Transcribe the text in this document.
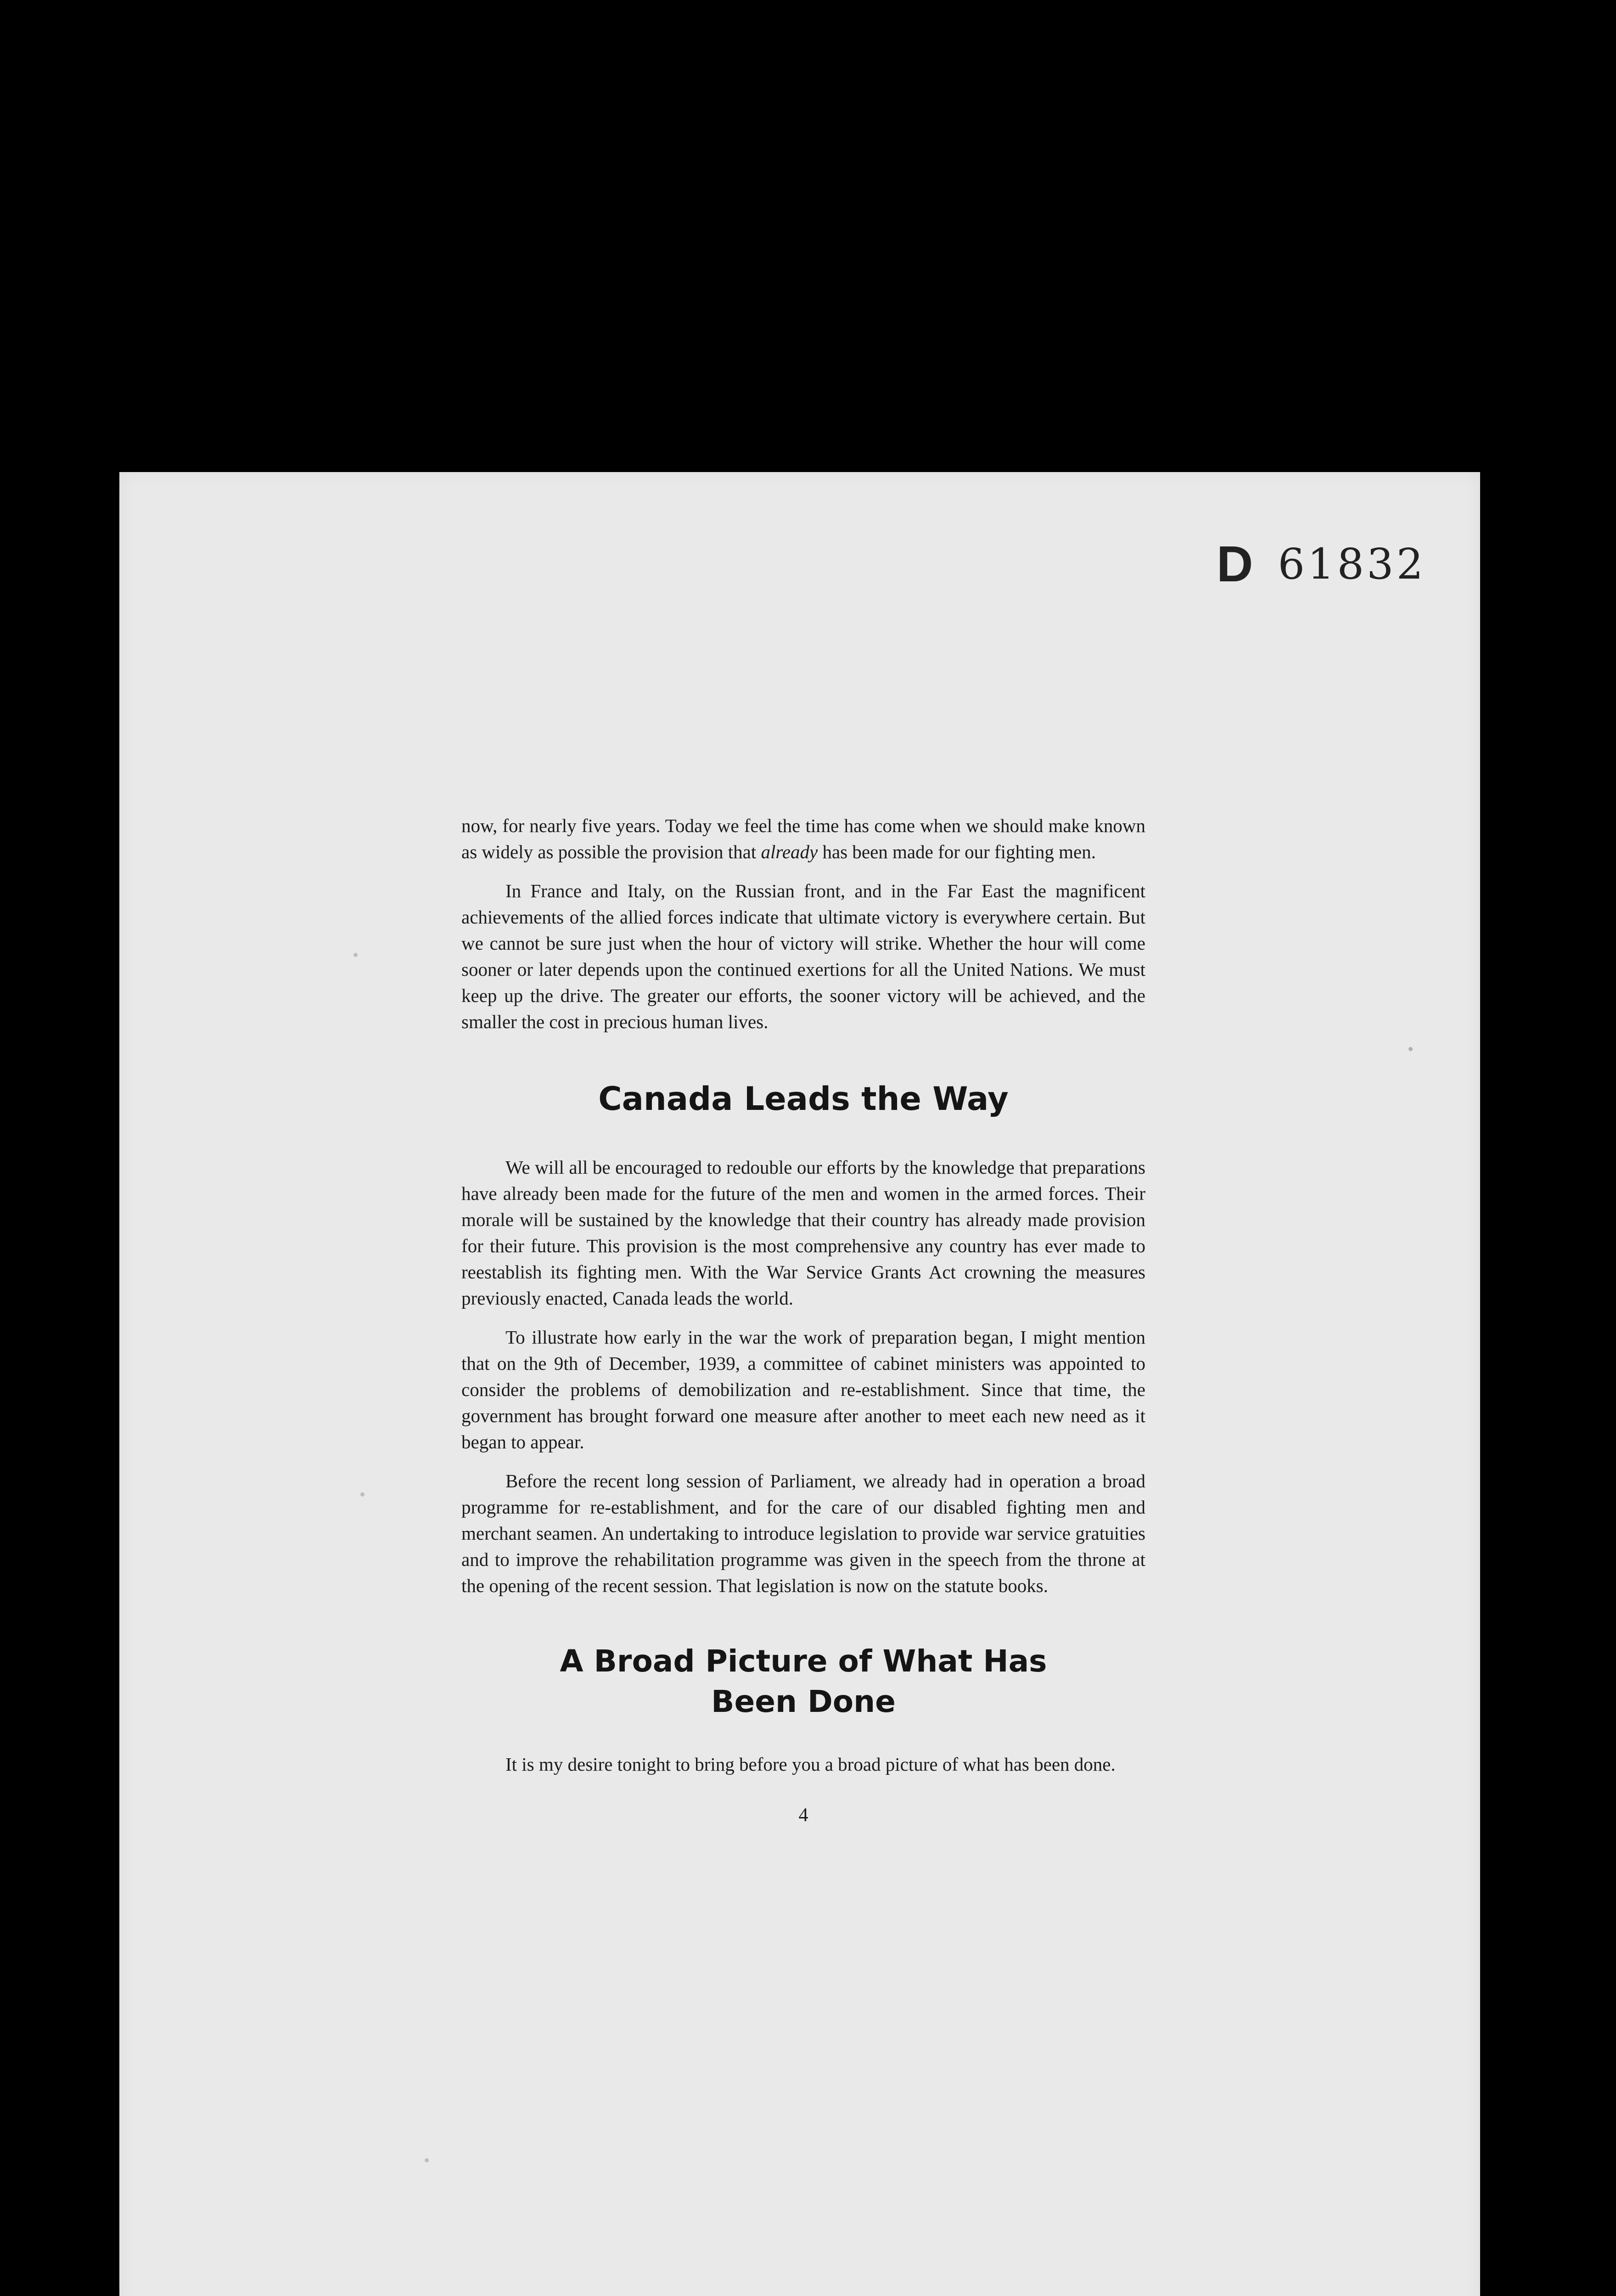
D 61832

now, for nearly five years. Today we feel the time has come when we should make known as widely as possible the provision that already has been made for our fighting men.

In France and Italy, on the Russian front, and in the Far East the magnificent achievements of the allied forces indicate that ultimate victory is everywhere certain. But we cannot be sure just when the hour of victory will strike. Whether the hour will come sooner or later depends upon the continued exertions for all the United Nations. We must keep up the drive. The greater our efforts, the sooner victory will be achieved, and the smaller the cost in precious human lives.

Canada Leads the Way

We will all be encouraged to redouble our efforts by the knowledge that preparations have already been made for the future of the men and women in the armed forces. Their morale will be sustained by the knowledge that their country has already made provision for their future. This provision is the most comprehensive any country has ever made to reestablish its fighting men. With the War Service Grants Act crowning the measures previously enacted, Canada leads the world.

To illustrate how early in the war the work of preparation began, I might mention that on the 9th of December, 1939, a committee of cabinet ministers was appointed to consider the problems of demobilization and re-establishment. Since that time, the government has brought forward one measure after another to meet each new need as it began to appear.

Before the recent long session of Parliament, we already had in operation a broad programme for re-establishment, and for the care of our disabled fighting men and merchant seamen. An undertaking to introduce legislation to provide war service gratuities and to improve the rehabilitation programme was given in the speech from the throne at the opening of the recent session. That legislation is now on the statute books.

A Broad Picture of What Has
Been Done

It is my desire tonight to bring before you a broad picture of what has been done.

4
